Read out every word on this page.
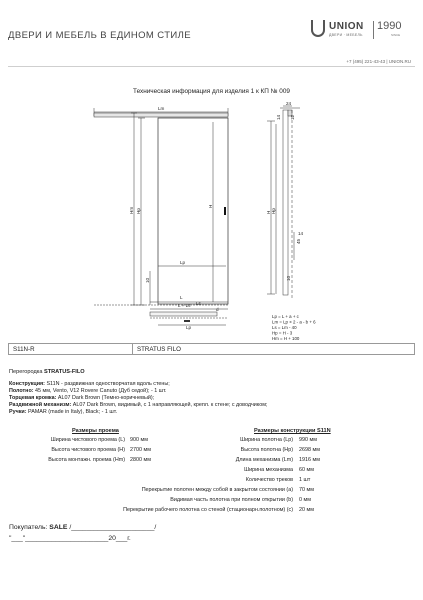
ДВЕРИ И МЕБЕЛЬ В ЕДИНОМ СТИЛЕ
UNION
ДВЕРИ · МЕБЕЛЬ
1990
SINCE
+7 (495) 221-43-43 | UNION.RU
Техническая информация для изделия 1 к КП № 009
Lm
Lp
L
L + Ls
Lp
d
Hm Hp
H
10
H Hp
24
14 12
45
14
10
Ls
Lp = L + a + c
Lm = Lp × 2 - a - b + 6
Ls = Lm - 40
Hp = H - 3
Hm = H + 100
S11N-R	STRATUS FILO
Перегородка STRATUS-FILO
Конструкция: S11N - раздвижная одностворчатая вдоль стены;
Полотно: 45 мм, Vento, V12 Rovere Canuto (Дуб седой); - 1 шт.
Торцевая кромка: AL07 Dark Brown (Темно-коричневый);
Раздвижной механизм: AL07 Dark Brown, видимый, с 1 направляющей, крепл. к стене; с доводчиком;
Ручки: PAMAR (made in Italy), Black; - 1 шт.
Размеры проема
Ширина чистового проема (L) 900 мм
Высота чистового проема (H) 2700 мм
Высота монтажн. проема (Hm) 2800 мм
Размеры конструкции S11N
Ширина полотна (Lp) 990 мм
Высота полотна (Hp) 2698 мм
Длина механизма (Lm) 1916 мм
Ширина механизма 60 мм
Количество треков 1 шт
Перекрытие полотен между собой в закрытом состоянии (a) 70 мм
Видимая часть полотна при полном открытии (b) 0 мм
Перекрытие рабочего полотна со стеной (стационарн.полотном) (c) 20 мм
Покупатель: SALE /______________________/
"___"______________________20___г.
